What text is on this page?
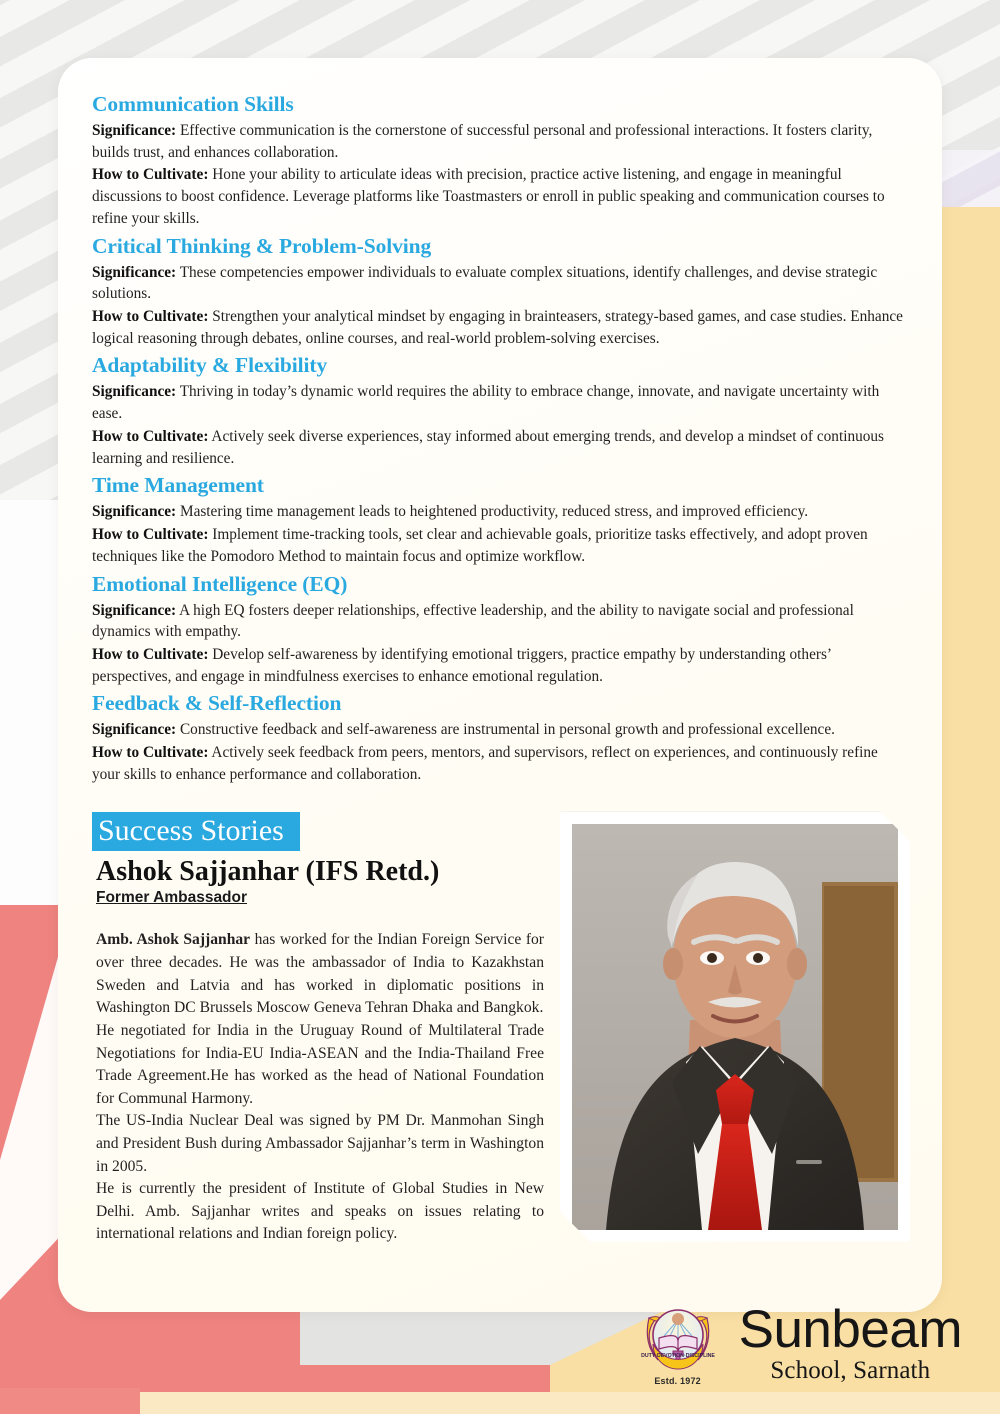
Communication Skills

Significance: Effective communication is the cornerstone of successful personal and professional interactions. It fosters clarity, builds trust, and enhances collaboration.

How to Cultivate: Hone your ability to articulate ideas with precision, practice active listening, and engage in meaningful discussions to boost confidence. Leverage platforms like Toastmasters or enroll in public speaking and communication courses to refine your skills.

Critical Thinking & Problem-Solving

Significance: These competencies empower individuals to evaluate complex situations, identify challenges, and devise strategic solutions.

How to Cultivate: Strengthen your analytical mindset by engaging in brainteasers, strategy-based games, and case studies. Enhance logical reasoning through debates, online courses, and real-world problem-solving exercises.

Adaptability & Flexibility

Significance: Thriving in today’s dynamic world requires the ability to embrace change, innovate, and navigate uncertainty with ease.

How to Cultivate: Actively seek diverse experiences, stay informed about emerging trends, and develop a mindset of continuous learning and resilience.

Time Management

Significance: Mastering time management leads to heightened productivity, reduced stress, and improved efficiency.

How to Cultivate: Implement time-tracking tools, set clear and achievable goals, prioritize tasks effectively, and adopt proven techniques like the Pomodoro Method to maintain focus and optimize workflow.

Emotional Intelligence (EQ)

Significance: A high EQ fosters deeper relationships, effective leadership, and the ability to navigate social and professional dynamics with empathy.

How to Cultivate: Develop self-awareness by identifying emotional triggers, practice empathy by understanding others’ perspectives, and engage in mindfulness exercises to enhance emotional regulation.

Feedback & Self-Reflection

Significance: Constructive feedback and self-awareness are instrumental in personal growth and professional excellence.

How to Cultivate: Actively seek feedback from peers, mentors, and supervisors, reflect on experiences, and continuously refine your skills to enhance performance and collaboration.

Success Stories
Ashok Sajjanhar (IFS Retd.)
Former Ambassador

Amb. Ashok Sajjanhar has worked for the Indian Foreign Service for over three decades. He was the ambassador of India to Kazakhstan Sweden and Latvia and has worked in diplomatic positions in Washington DC Brussels Moscow Geneva Tehran Dhaka and Bangkok.

He negotiated for India in the Uruguay Round of Multilateral Trade Negotiations for India-EU India-ASEAN and the India-Thailand Free Trade Agreement.He has worked as the head of National Foundation for Communal Harmony.

The US-India Nuclear Deal was signed by PM Dr. Manmohan Singh and President Bush during Ambassador Sajjanhar’s term in Washington in 2005.

He is currently the president of Institute of Global Studies in New Delhi. Amb. Sajjanhar writes and speaks on issues relating to international relations and Indian foreign policy.

DUTY·DEVOTION·DISCIPLINE
Estd. 1972
Sunbeam
School, Sarnath
